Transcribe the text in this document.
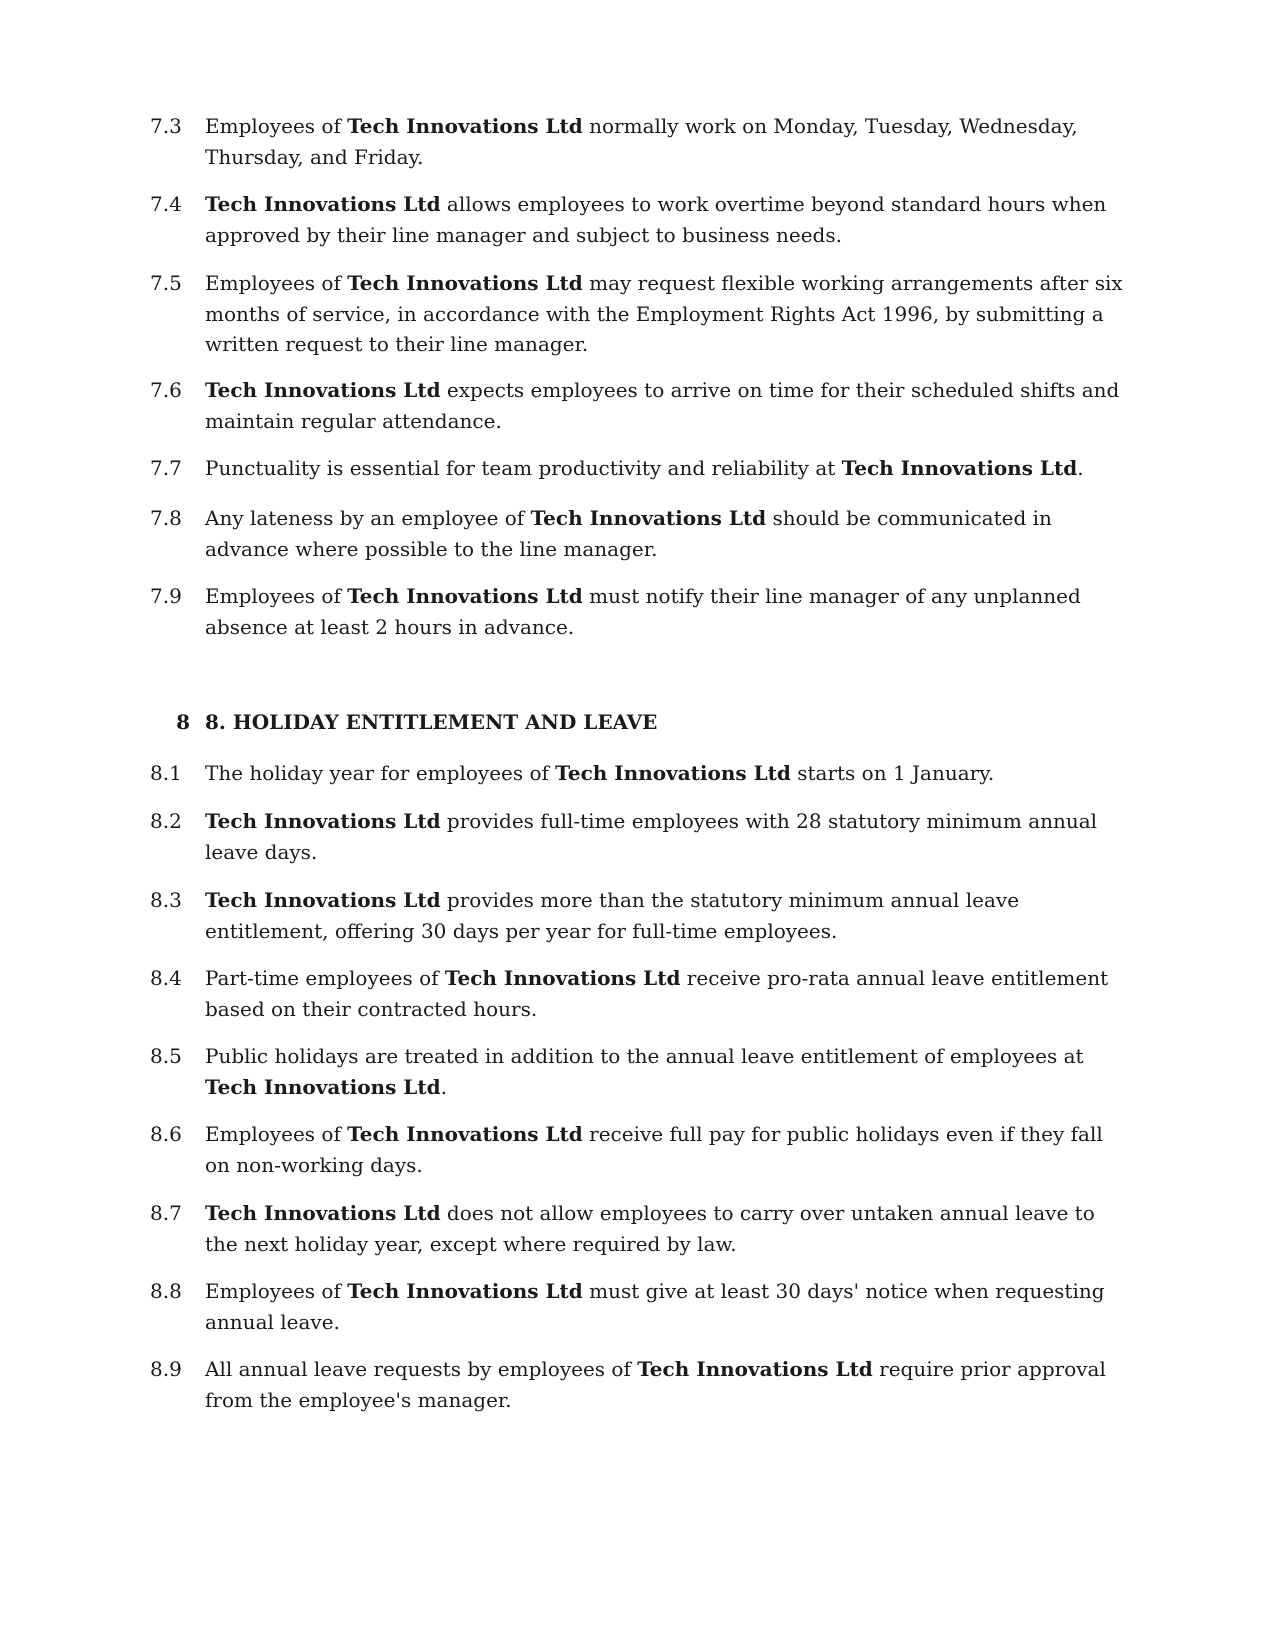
7.3	Employees of Tech Innovations Ltd normally work on Monday, Tuesday, Wednesday, Thursday, and Friday.
7.4	Tech Innovations Ltd allows employees to work overtime beyond standard hours when approved by their line manager and subject to business needs.
7.5	Employees of Tech Innovations Ltd may request flexible working arrangements after six months of service, in accordance with the Employment Rights Act 1996, by submitting a written request to their line manager.
7.6	Tech Innovations Ltd expects employees to arrive on time for their scheduled shifts and maintain regular attendance.
7.7	Punctuality is essential for team productivity and reliability at Tech Innovations Ltd.
7.8	Any lateness by an employee of Tech Innovations Ltd should be communicated in advance where possible to the line manager.
7.9	Employees of Tech Innovations Ltd must notify their line manager of any unplanned absence at least 2 hours in advance.
8 8. HOLIDAY ENTITLEMENT AND LEAVE
8.1	The holiday year for employees of Tech Innovations Ltd starts on 1 January.
8.2	Tech Innovations Ltd provides full-time employees with 28 statutory minimum annual leave days.
8.3	Tech Innovations Ltd provides more than the statutory minimum annual leave entitlement, offering 30 days per year for full-time employees.
8.4	Part-time employees of Tech Innovations Ltd receive pro-rata annual leave entitlement based on their contracted hours.
8.5	Public holidays are treated in addition to the annual leave entitlement of employees at Tech Innovations Ltd.
8.6	Employees of Tech Innovations Ltd receive full pay for public holidays even if they fall on non-working days.
8.7	Tech Innovations Ltd does not allow employees to carry over untaken annual leave to the next holiday year, except where required by law.
8.8	Employees of Tech Innovations Ltd must give at least 30 days' notice when requesting annual leave.
8.9	All annual leave requests by employees of Tech Innovations Ltd require prior approval from the employee's manager.
